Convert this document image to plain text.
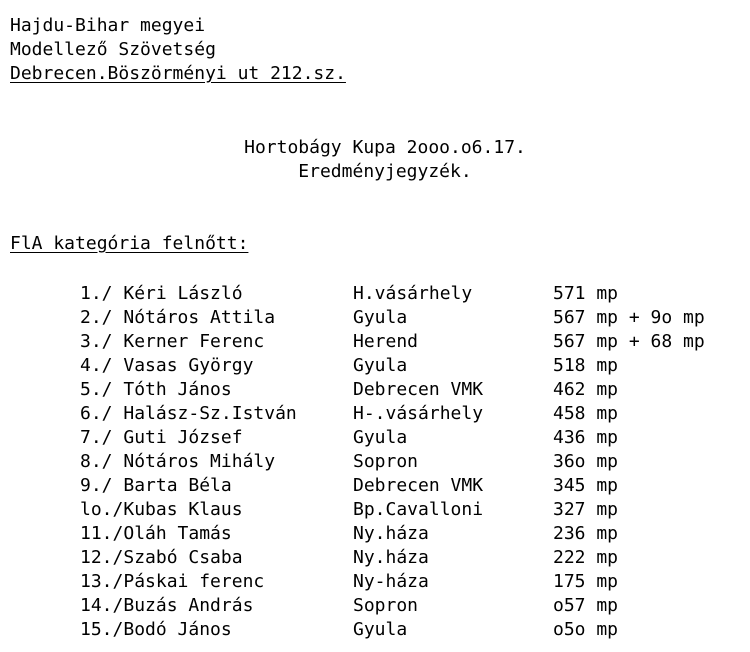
Hajdu-Bihar megyei
Modellező Szövetség
Debrecen.Böszörményi ut 212.sz.
Hortobágy Kupa 2ooo.o6.17.
Eredményjegyzék.
FlA kategória felnőtt:
1./ Kéri László	H.vásárhely	571 mp
2./ Nótáros Attila	Gyula	567 mp + 9o mp
3./ Kerner Ferenc	Herend	567 mp + 68 mp
4./ Vasas György	Gyula	518 mp
5./ Tóth János	Debrecen VMK	462 mp
6./ Halász-Sz.István	H-.vásárhely	458 mp
7./ Guti József	Gyula	436 mp
8./ Nótáros Mihály	Sopron	36o mp
9./ Barta Béla	Debrecen VMK	345 mp
lo./Kubas Klaus	Bp.Cavalloni	327 mp
11./Oláh Tamás	Ny.háza	236 mp
12./Szabó Csaba	Ny.háza	222 mp
13./Páskai ferenc	Ny-háza	175 mp
14./Buzás András	Sopron	o57 mp
15./Bodó János	Gyula	o5o mp
